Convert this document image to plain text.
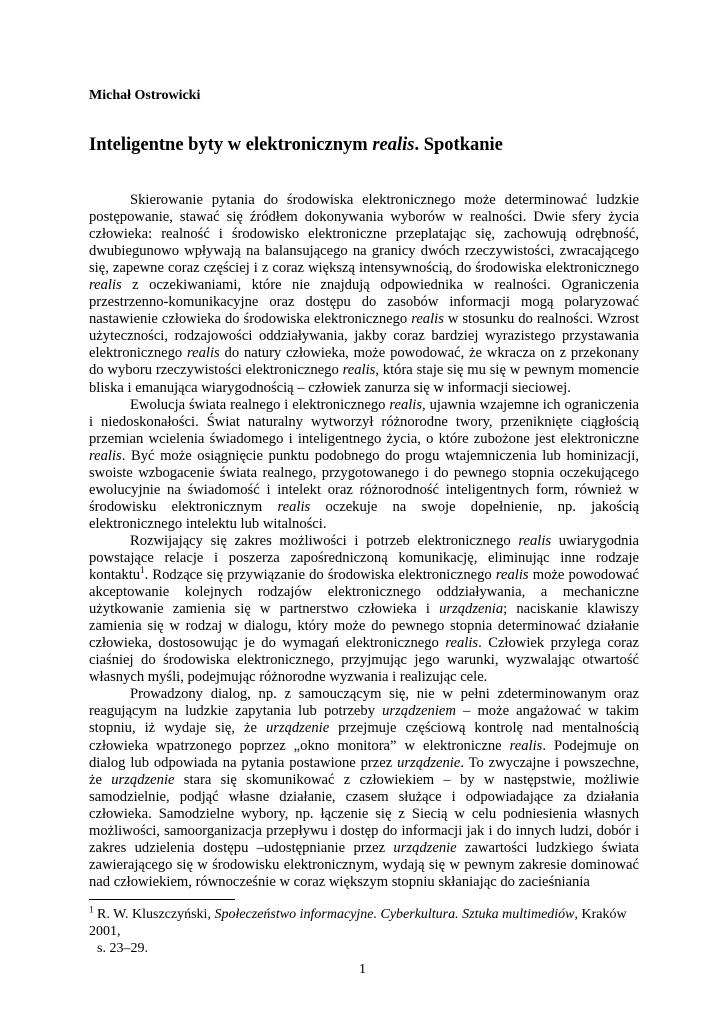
Michał Ostrowicki
Inteligentne byty w elektronicznym realis. Spotkanie

Skierowanie pytania do środowiska elektronicznego może determinować ludzkie postępowanie, stawać się źródłem dokonywania wyborów w realności. Dwie sfery życia człowieka: realność i środowisko elektroniczne przeplatając się, zachowują odrębność, dwubiegunowo wpływają na balansującego na granicy dwóch rzeczywistości, zwracającego się, zapewne coraz częściej i z coraz większą intensywnością, do środowiska elektronicznego realis z oczekiwaniami, które nie znajdują odpowiednika w realności. Ograniczenia przestrzenno-komunikacyjne oraz dostępu do zasobów informacji mogą polaryzować nastawienie człowieka do środowiska elektronicznego realis w stosunku do realności. Wzrost użyteczności, rodzajowości oddziaływania, jakby coraz bardziej wyrazistego przystawania elektronicznego realis do natury człowieka, może powodować, że wkracza on z przekonany do wyboru rzeczywistości elektronicznego realis, która staje się mu się w pewnym momencie bliska i emanująca wiarygodnością – człowiek zanurza się w informacji sieciowej.

Ewolucja świata realnego i elektronicznego realis, ujawnia wzajemne ich ograniczenia i niedoskonałości. Świat naturalny wytworzył różnorodne twory, przeniknięte ciągłością przemian wcielenia świadomego i inteligentnego życia, o które zubożone jest elektroniczne realis. Być może osiągnięcie punktu podobnego do progu wtajemniczenia lub hominizacji, swoiste wzbogacenie świata realnego, przygotowanego i do pewnego stopnia oczekującego ewolucyjnie na świadomość i intelekt oraz różnorodność inteligentnych form, również w środowisku elektronicznym realis oczekuje na swoje dopełnienie, np. jakością elektronicznego intelektu lub witalności.

Rozwijający się zakres możliwości i potrzeb elektronicznego realis uwiarygodnia powstające relacje i poszerza zapośredniczoną komunikację, eliminując inne rodzaje kontaktu$^1$. Rodzące się przywiązanie do środowiska elektronicznego realis może powodować akceptowanie kolejnych rodzajów elektronicznego oddziaływania, a mechaniczne użytkowanie zamienia się w partnerstwo człowieka i urządzenia; naciskanie klawiszy zamienia się w rodzaj w dialogu, który może do pewnego stopnia determinować działanie człowieka, dostosowując je do wymagań elektronicznego realis. Człowiek przylega coraz ciaśniej do środowiska elektronicznego, przyjmując jego warunki, wyzwalając otwartość własnych myśli, podejmując różnorodne wyzwania i realizując cele.

Prowadzony dialog, np. z samouczącym się, nie w pełni zdeterminowanym oraz reagującym na ludzkie zapytania lub potrzeby urządzeniem – może angażować w takim stopniu, iż wydaje się, że urządzenie przejmuje częściową kontrolę nad mentalnością człowieka wpatrzonego poprzez „okno monitora” w elektroniczne realis. Podejmuje on dialog lub odpowiada na pytania postawione przez urządzenie. To zwyczajne i powszechne, że urządzenie stara się skomunikować z człowiekiem – by w następstwie, możliwie samodzielnie, podjąć własne działanie, czasem służące i odpowiadające za działania człowieka. Samodzielne wybory, np. łączenie się z Siecią w celu podniesienia własnych możliwości, samoorganizacja przepływu i dostęp do informacji jak i do innych ludzi, dobór i zakres udzielenia dostępu –udostępnianie przez urządzenie zawartości ludzkiego świata zawierającego się w środowisku elektronicznym, wydają się w pewnym zakresie dominować nad człowiekiem, równocześnie w coraz większym stopniu skłaniając do zacieśniania

$^1$ R. W. Kluszczyński, Społeczeństwo informacyjne. Cyberkultura. Sztuka multimediów, Kraków 2001,
s. 23–29.
1
